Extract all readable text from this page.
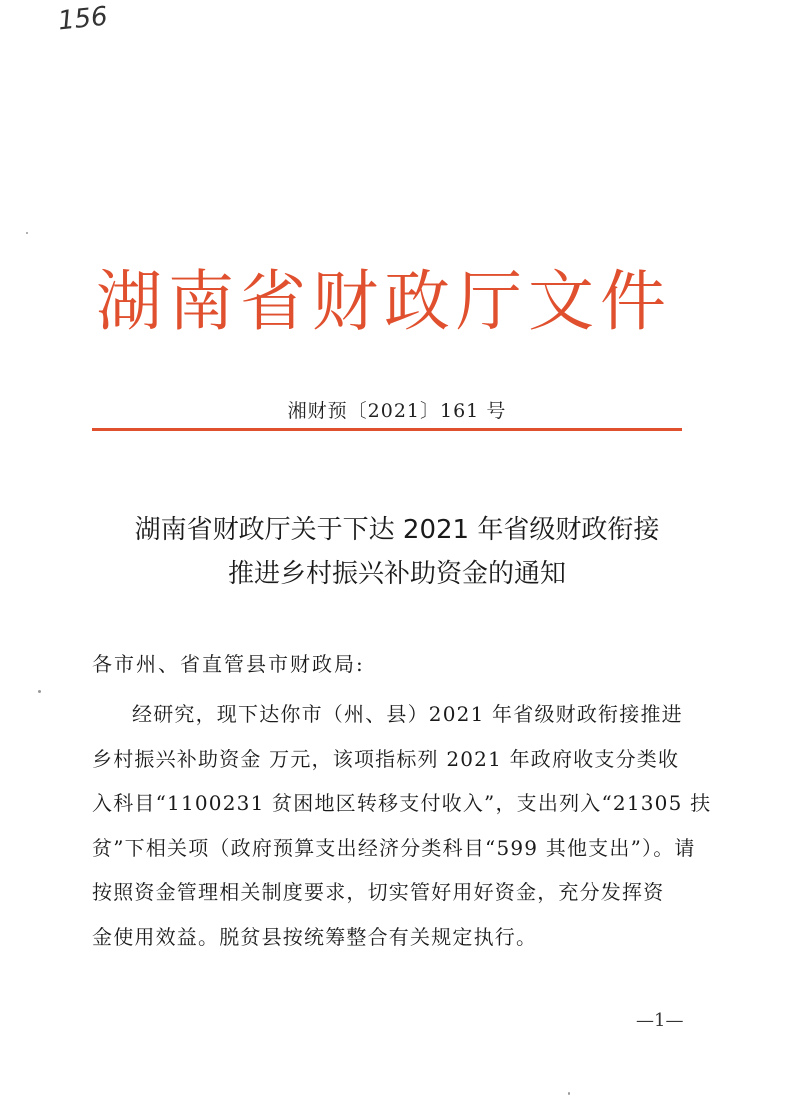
156
湖南省财政厅文件
湘财预〔2021〕161 号
湖南省财政厅关于下达 2021 年省级财政衔接
推进乡村振兴补助资金的通知
各市州、省直管县市财政局:
经研究，现下达你市（州、县）2021 年省级财政衔接推进
乡村振兴补助资金 万元，该项指标列 2021 年政府收支分类收
入科目“1100231 贫困地区转移支付收入”，支出列入“21305 扶
贫”下相关项（政府预算支出经济分类科目“599 其他支出”）。请
按照资金管理相关制度要求，切实管好用好资金，充分发挥资
金使用效益。脱贫县按统筹整合有关规定执行。
—1—
